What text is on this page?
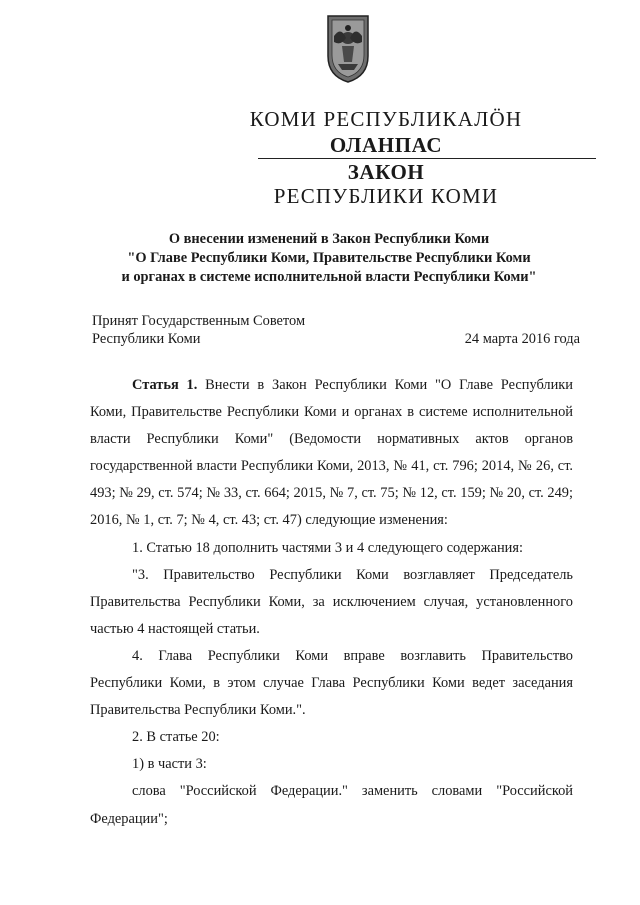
КОМИ РЕСПУБЛИКАЛӦН
ОЛАНПАС
ЗАКОН
РЕСПУБЛИКИ КОМИ
О внесении изменений в Закон Республики Коми
"О Главе Республики Коми, Правительстве Республики Коми
и органах в системе исполнительной власти Республики Коми"
Принят Государственным Советом
Республики Коми	24 марта 2016 года

Статья 1. Внести в Закон Республики Коми "О Главе Республики Коми, Правительстве Республики Коми и органах в системе исполнительной власти Республики Коми" (Ведомости нормативных актов органов государственной власти Республики Коми, 2013, № 41, ст. 796; 2014, № 26, ст. 493; № 29, ст. 574; № 33, ст. 664; 2015, № 7, ст. 75; № 12, ст. 159; № 20, ст. 249; 2016, № 1, ст. 7; № 4, ст. 43; ст. 47) следующие изменения:

1. Статью 18 дополнить частями 3 и 4 следующего содержания:

"3. Правительство Республики Коми возглавляет Председатель Правительства Республики Коми, за исключением случая, установленного частью 4 настоящей статьи.

4. Глава Республики Коми вправе возглавить Правительство Республики Коми, в этом случае Глава Республики Коми ведет заседания Правительства Республики Коми.".

2. В статье 20:

1) в части 3:

слова "Российской Федерации." заменить словами "Российской Федерации";
